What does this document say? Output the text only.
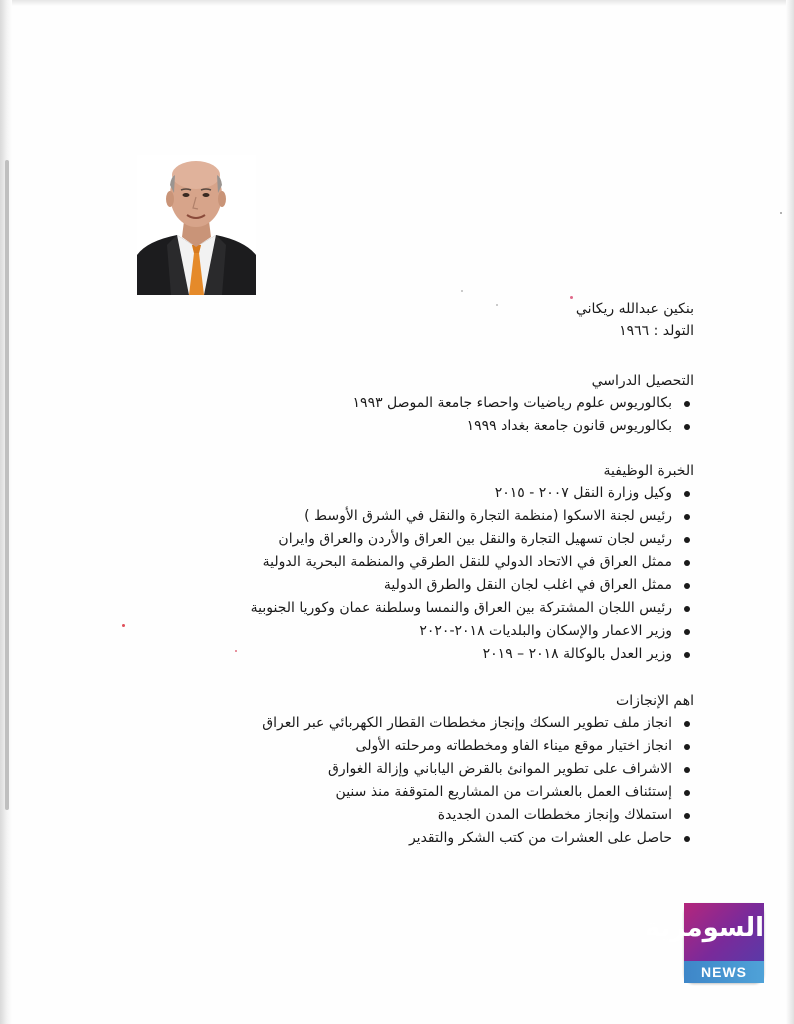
بنكين عبدالله ريكاني
التولد : ١٩٦٦
التحصيل الدراسي
بكالوريوس علوم رياضيات واحصاء جامعة الموصل ١٩٩٣
بكالوريوس قانون جامعة بغداد ١٩٩٩
الخبرة الوظيفية
وكيل وزارة النقل ٢٠٠٧ - ٢٠١٥
رئيس لجنة الاسكوا (منظمة التجارة والنقل في الشرق الأوسط )
رئيس لجان تسهيل التجارة والنقل بين العراق والأردن والعراق وايران
ممثل العراق في الاتحاد الدولي للنقل الطرقي والمنظمة البحرية الدولية
ممثل العراق في اغلب لجان النقل والطرق الدولية
رئيس اللجان المشتركة بين العراق والنمسا وسلطنة عمان وكوريا الجنوبية
وزير الاعمار والإسكان والبلديات ٢٠١٨-٢٠٢٠
وزير العدل بالوكالة ٢٠١٨ – ٢٠١٩
اهم الإنجازات
انجاز ملف تطوير السكك وإنجاز مخططات القطار الكهربائي عبر العراق
انجاز اختيار موقع ميناء الفاو ومخططاته ومرحلته الأولى
الاشراف على تطوير الموانئ بالقرض الياباني وإزالة الغوارق
إستئناف العمل بالعشرات من المشاريع المتوقفة منذ سنين
استملاك وإنجاز مخططات المدن الجديدة
حاصل على العشرات من كتب الشكر والتقدير
السومرية
NEWS
